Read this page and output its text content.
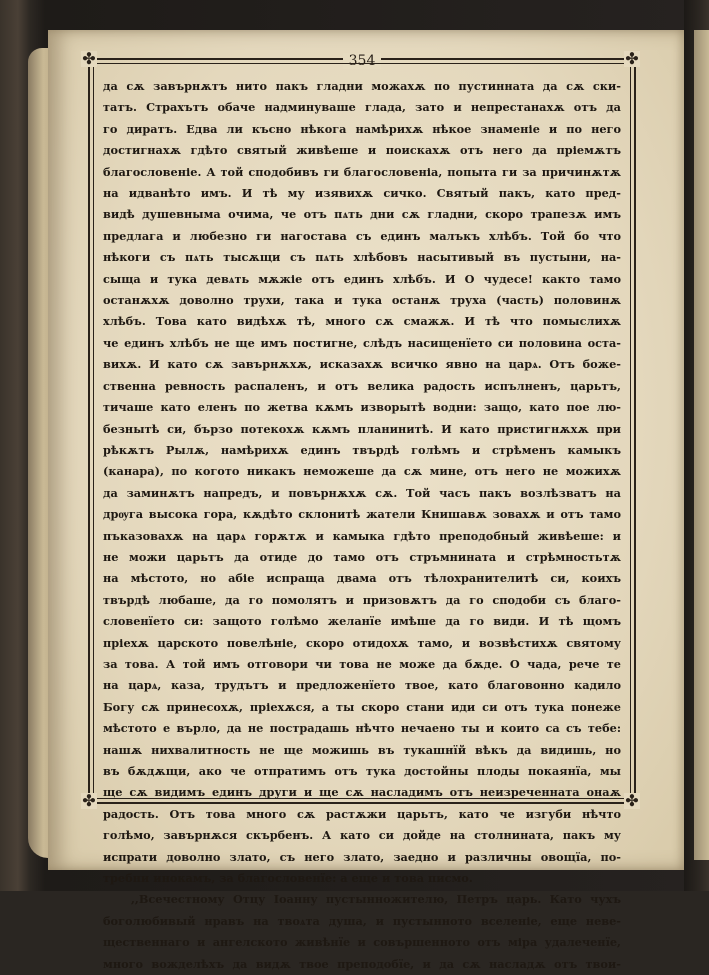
354
✤	✤
✤	✤
да сѫ завърнѫтъ нито пакъ гладни можахѫ по пустинната да сѫ ски-
татъ. Страхътъ обаче надминуваше глада, зато и непрестанахѫ отъ да
го диратъ. Едва ли късно нѣкога намѣрихѫ нѣкое знаменіе и по него
достигнахѫ гдѣто святый живѣеше и поискахѫ отъ него да пріемѫтъ
благословеніе. А той сподобивъ ги благословеніа, попыта ги за причинѫтѫ
на идванѣто имъ. И тѣ му изявихѫ сичко. Святый пакъ, като пред-
видѣ душевныма очима, че отъ пѧть дни сѫ гладни, скоро трапезѫ имъ
предлага и любезно ги нагостава съ единъ малъкъ хлѣбъ. Той бо что
нѣкоги съ пѧть тысѫщи съ пѧть хлѣбовъ насытивый въ пустыни, на-
сыща и тука девѧть мѫжіе отъ единъ хлѣбъ. И О чудесе! както тамо
останѫхѫ доволно трухи, така и тука останѫ труха (часть) половинѫ
хлѣбъ. Това като видѣхѫ тѣ, много сѫ смажѫ. И тѣ что помыслихѫ
че единъ хлѣбъ не ще имъ постигне, слѣдъ насищенїето си половина оста-
вихѫ. И като сѫ завърнѫхѫ, исказахѫ всичко явно на царѧ. Отъ боже-
ственна ревность распаленъ, и отъ велика радость испълненъ, царьтъ,
тичаше като еленъ по жетва кѫмъ изворытѣ водни: защо, като пое лю-
безнытѣ си, бързо потекохѫ кѫмъ планинитѣ. И като пристигнѫхѫ при
рѣкѫтъ Рылѫ, намѣрихѫ единъ твърдѣ голѣмъ и стрѣменъ камыкъ
(канара), по когото никакъ неможеше да сѫ мине, отъ него не можихѫ
да заминѫтъ напредъ, и повърнѫхѫ сѫ. Той часъ пакъ возлѣзватъ на
дрѹга высока гора, кѫдѣто склонитѣ жатели Книшавѫ зовахѫ и отъ тамо
пъказовахѫ на царѧ горѫтѫ и камыка гдѣто преподобный живѣеше: и
не можи царьтъ да отиде до тамо отъ стръмнината и стрѣмностьтѫ
на мѣстото, но абіе испраща двама отъ тѣлохранителитѣ си, коихъ
твърдѣ любаше, да го помолятъ и призовѫтъ да го сподоби съ благо-
словенїето си: защото голѣмо желанїе имѣше да го види. И тѣ щомъ
пріехѫ царското повелѣніе, скоро отидохѫ тамо, и возвѣстихѫ святому
за това. А той имъ отговори чи това не може да бѫде. О чада, рече те
на царѧ, каза, трудътъ и предложенїето твое, като благовонно кадило
Богу сѫ принесохѫ, пріехѫся, а ты скоро стани иди си отъ тука понеже
мѣстото е върло, да не пострадашь нѣчто нечаено ты и които са съ тебе:
нашѫ нихвалитность не ще можишь въ тукашнїй вѣкъ да видишь, но
въ бѫдѫщи, ако че отпратимъ отъ тука достойны плоды покаянїа, мы
ще сѫ видимъ единъ други и ще сѫ насладимъ отъ неизреченната онаѫ
радость. Отъ това много сѫ растѫжи царьтъ, като че изгуби нѣчто
голѣмо, завърнѫся скърбенъ. А като си дойде на столнината, пакъ му
испрати доволно злато, съ него злато, заедно и различны овощїа, по-
требни инокамъ, за благословенїе: а еще и това писмо.
,,Всечестному Отцу Іоанну пустынножителю, Петръ царь. Като чухъ
боголюбивый нравъ на твоѧта душа, и пустынното вселеніе, еще неве-
щественнаго и ангелското живѣнїе и совършенното отъ міра удалеченїе,
много вожделѣхъ да видѫ твое преподобїе, и да сѫ насладѫ отъ твои-
